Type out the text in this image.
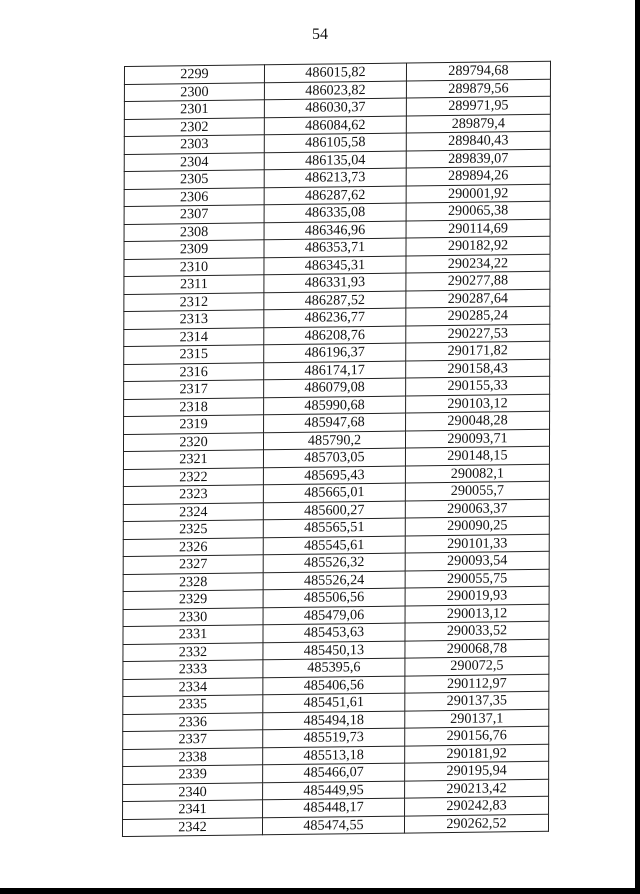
54
2299	486015,82	289794,68
2300	486023,82	289879,56
2301	486030,37	289971,95
2302	486084,62	289879,4
2303	486105,58	289840,43
2304	486135,04	289839,07
2305	486213,73	289894,26
2306	486287,62	290001,92
2307	486335,08	290065,38
2308	486346,96	290114,69
2309	486353,71	290182,92
2310	486345,31	290234,22
2311	486331,93	290277,88
2312	486287,52	290287,64
2313	486236,77	290285,24
2314	486208,76	290227,53
2315	486196,37	290171,82
2316	486174,17	290158,43
2317	486079,08	290155,33
2318	485990,68	290103,12
2319	485947,68	290048,28
2320	485790,2	290093,71
2321	485703,05	290148,15
2322	485695,43	290082,1
2323	485665,01	290055,7
2324	485600,27	290063,37
2325	485565,51	290090,25
2326	485545,61	290101,33
2327	485526,32	290093,54
2328	485526,24	290055,75
2329	485506,56	290019,93
2330	485479,06	290013,12
2331	485453,63	290033,52
2332	485450,13	290068,78
2333	485395,6	290072,5
2334	485406,56	290112,97
2335	485451,61	290137,35
2336	485494,18	290137,1
2337	485519,73	290156,76
2338	485513,18	290181,92
2339	485466,07	290195,94
2340	485449,95	290213,42
2341	485448,17	290242,83
2342	485474,55	290262,52
